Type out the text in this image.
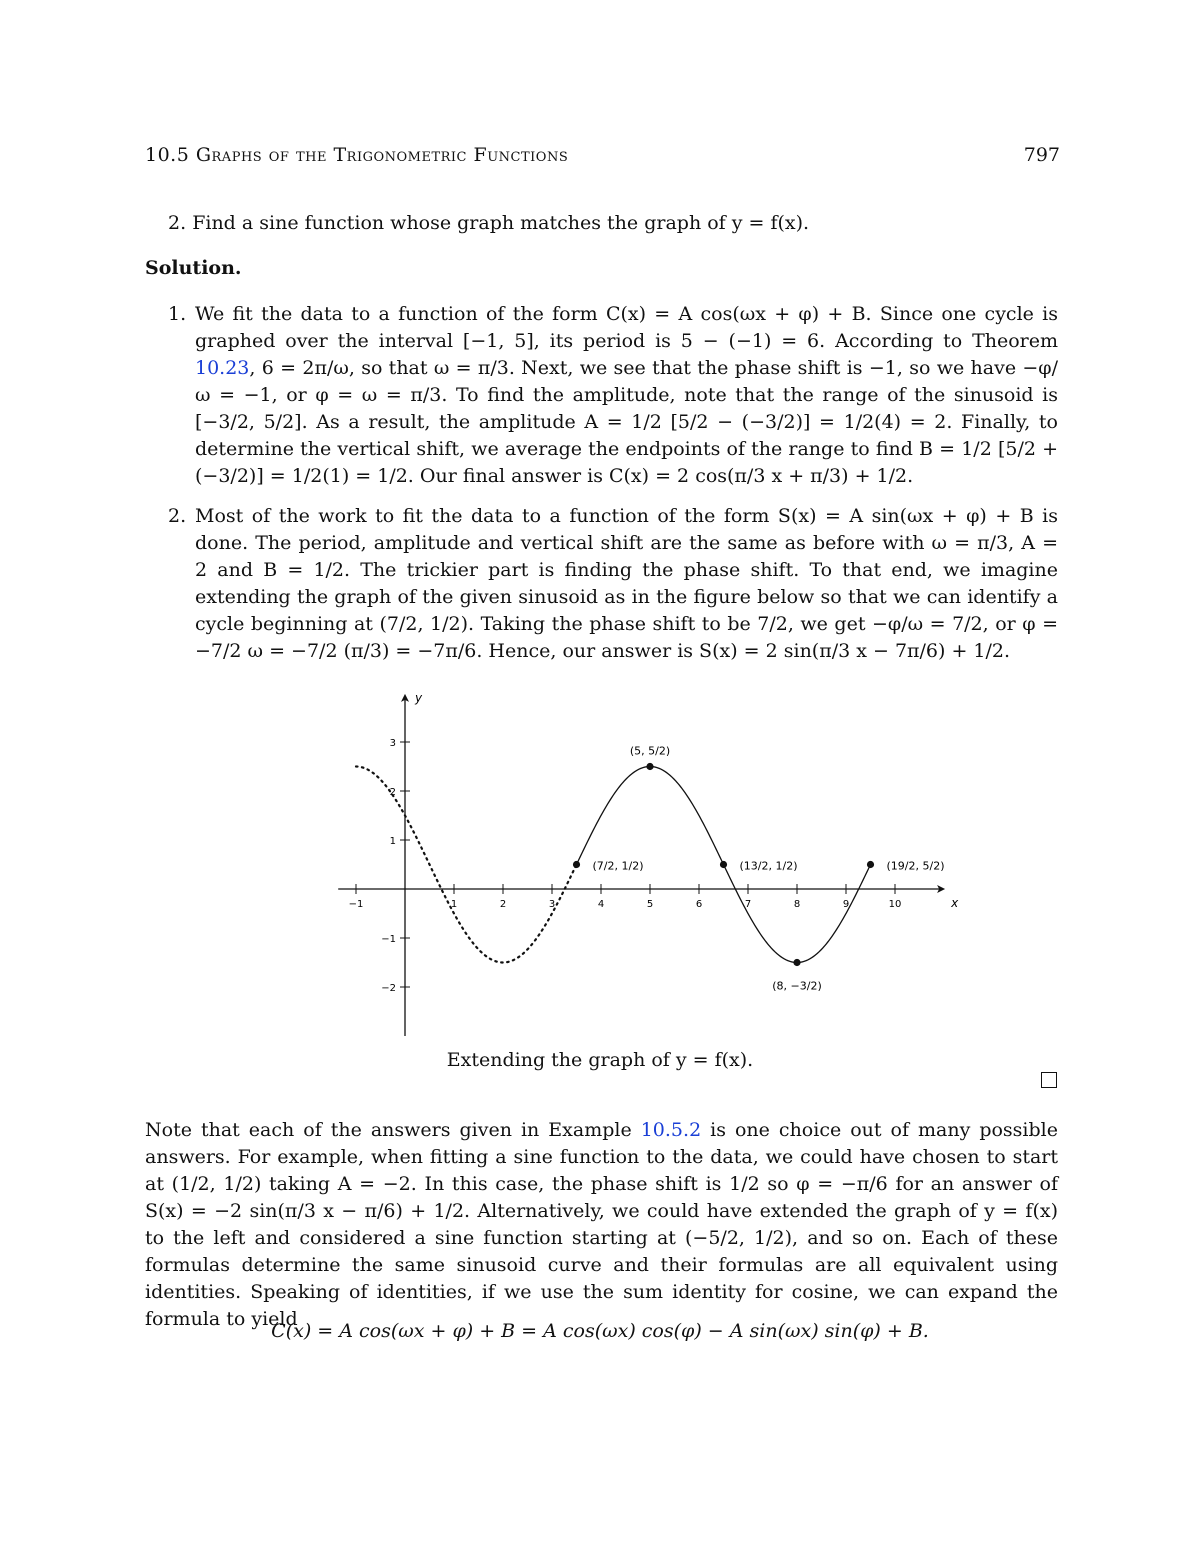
10.5 Graphs of the Trigonometric Functions	797
2. Find a sine function whose graph matches the graph of y = f(x).
Solution.
1. We fit the data to a function of the form C(x) = A cos(ωx + φ) + B. Since one cycle is graphed over the interval [−1, 5], its period is 5 − (−1) = 6. According to Theorem 10.23, 6 = 2π/ω, so that ω = π/3. Next, we see that the phase shift is −1, so we have −φ/ω = −1, or φ = ω = π/3. To find the amplitude, note that the range of the sinusoid is [−3/2, 5/2]. As a result, the amplitude A = 1/2 [5/2 − (−3/2)] = 1/2(4) = 2. Finally, to determine the vertical shift, we average the endpoints of the range to find B = 1/2 [5/2 + (−3/2)] = 1/2(1) = 1/2. Our final answer is C(x) = 2 cos(π/3 x + π/3) + 1/2.
2. Most of the work to fit the data to a function of the form S(x) = A sin(ωx + φ) + B is done. The period, amplitude and vertical shift are the same as before with ω = π/3, A = 2 and B = 1/2. The trickier part is finding the phase shift. To that end, we imagine extending the graph of the given sinusoid as in the figure below so that we can identify a cycle beginning at (7/2, 1/2). Taking the phase shift to be 7/2, we get −φ/ω = 7/2, or φ = −7/2 ω = −7/2 (π/3) = −7π/6. Hence, our answer is S(x) = 2 sin(π/3 x − 7π/6) + 1/2.
x
y
−1	1	2	3	4	5	6	7	8	9	10
−2
−1
1
2
3
(7/2, 1/2)
(5, 5/2)
(13/2, 1/2)
(8, −3/2)
(19/2, 5/2)
Extending the graph of y = f(x).
Note that each of the answers given in Example 10.5.2 is one choice out of many possible answers. For example, when fitting a sine function to the data, we could have chosen to start at (1/2, 1/2) taking A = −2. In this case, the phase shift is 1/2 so φ = −π/6 for an answer of S(x) = −2 sin(π/3 x − π/6) + 1/2. Alternatively, we could have extended the graph of y = f(x) to the left and considered a sine function starting at (−5/2, 1/2), and so on. Each of these formulas determine the same sinusoid curve and their formulas are all equivalent using identities. Speaking of identities, if we use the sum identity for cosine, we can expand the formula to yield
C(x) = A cos(ωx + φ) + B = A cos(ωx) cos(φ) − A sin(ωx) sin(φ) + B.
